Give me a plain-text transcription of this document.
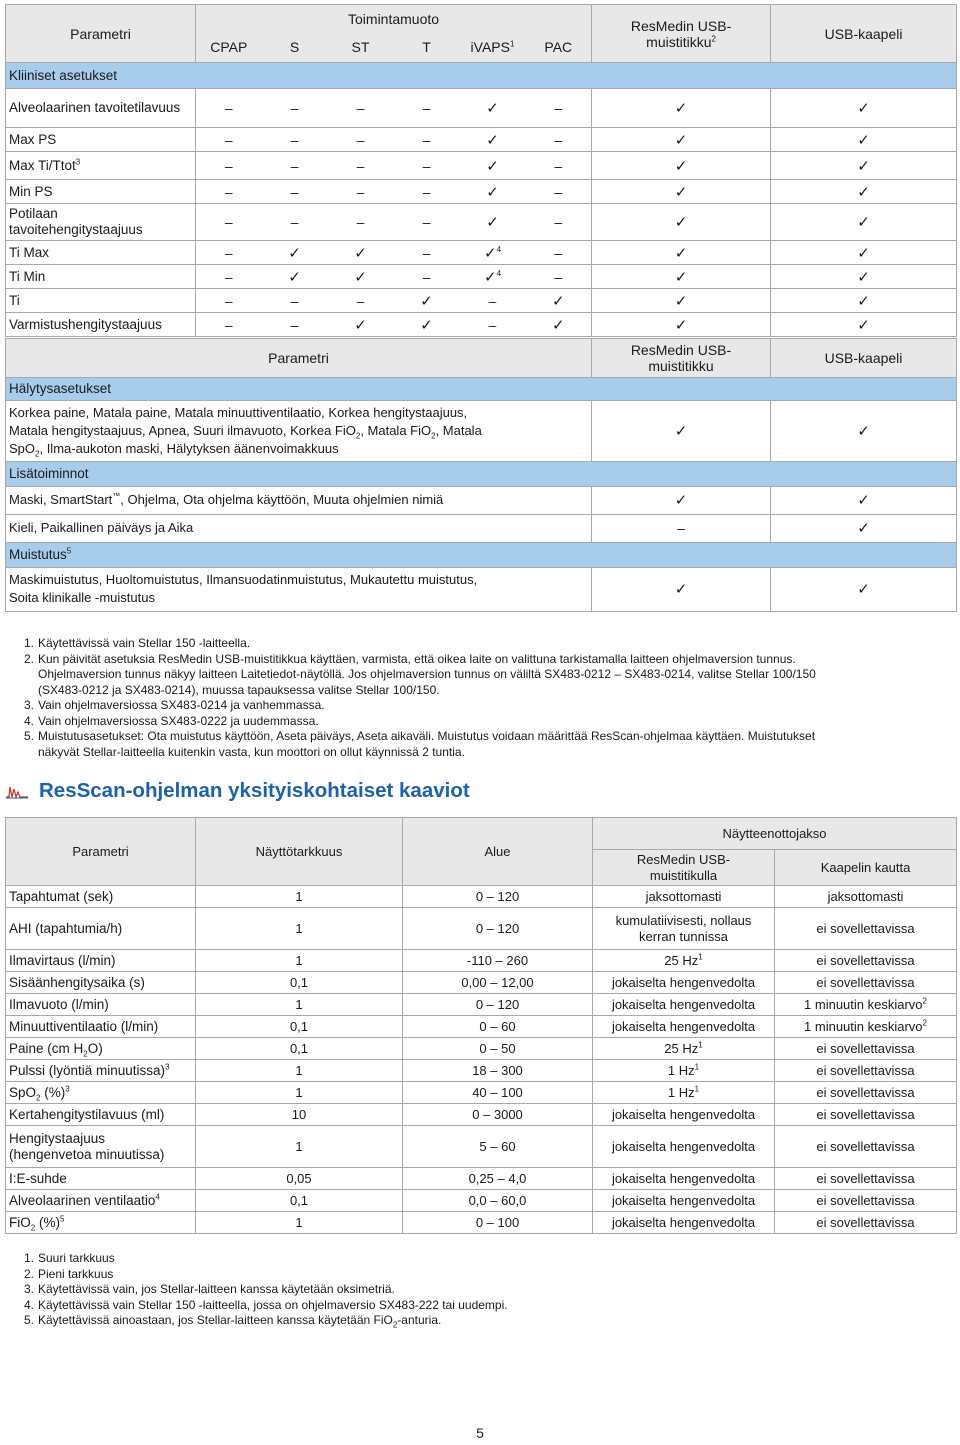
Parametri	Toimintamuoto						ResMedin USB-
muistitikku$^2$	USB-kaapeli
	CPAP	S	ST	T	iVAPS$^1$	PAC		
Kliiniset asetukset								
Alveolaarinen tavoitetilavuus	–	–	–	–	✓	–	✓	✓
Max PS	–	–	–	–	✓	–	✓	✓
Max Ti/Ttot$^3$	–	–	–	–	✓	–	✓	✓
Min PS	–	–	–	–	✓	–	✓	✓
Potilaan tavoitehengitystaajuus	–	–	–	–	✓	–	✓	✓
Ti Max	–	✓	✓	–	✓$^4$	–	✓	✓
Ti Min	–	✓	✓	–	✓$^4$	–	✓	✓
Ti	–	–	–	✓	–	✓	✓	✓
Varmistushengitystaajuus	–	–	✓	✓	–	✓	✓	✓
Parametri	ResMedin USB-
muistitikku	USB-kaapeli

Hälytysasetukset		
Korkea paine, Matala paine, Matala minuuttiventilaatio, Korkea hengitystaajuus,
Matala hengitystaajuus, Apnea, Suuri ilmavuoto, Korkea FiO$_2$, Matala FiO$_2$, Matala
SpO$_2$, Ilma-aukoton maski, Hälytyksen äänenvoimakkuus	✓	✓
Lisätoiminnot		
Maski, SmartStart™, Ohjelma, Ota ohjelma käyttöön, Muuta ohjelmien nimiä	✓	✓
Kieli, Paikallinen päiväys ja Aika	–	✓
Muistutus$^5$
Maskimuistutus, Huoltomuistutus, Ilmansuodatinmuistutus, Mukautettu muistutus,
Soita klinikalle -muistutus	✓	✓
1. Käytettävissä vain Stellar 150 -laitteella.
2. Kun päivität asetuksia ResMedin USB-muistitikkua käyttäen, varmista, että oikea laite on valittuna tarkistamalla laitteen ohjelmaversion tunnus.
Ohjelmaversion tunnus näkyy laitteen Laitetiedot-näytöllä. Jos ohjelmaversion tunnus on väliltä SX483-0212 – SX483-0214, valitse Stellar 100/150
(SX483-0212 ja SX483-0214), muussa tapauksessa valitse Stellar 100/150.
3. Vain ohjelmaversiossa SX483-0214 ja vanhemmassa.
4. Vain ohjelmaversiossa SX483-0222 ja uudemmassa.
5. Muistutusasetukset: Ota muistutus käyttöön, Aseta päiväys, Aseta aikaväli. Muistutus voidaan määrittää ResScan-ohjelmaa käyttäen. Muistutukset
näkyvät Stellar-laitteella kuitenkin vasta, kun moottori on ollut käynnissä 2 tuntia.
ResScan-ohjelman yksityiskohtaiset kaaviot
Parametri	Näyttötarkkuus	Alue	Näytteenottojakso	
			ResMedin USB-
muistitikulla	Kaapelin kautta
Tapahtumat (sek)	1	0 – 120	jaksottomasti	jaksottomasti
AHI (tapahtumia/h)	1	0 – 120	kumulatiivisesti, nollaus
kerran tunnissa	ei sovellettavissa
Ilmavirtaus (l/min)	1	-110 – 260	25 Hz$^1$	ei sovellettavissa
Sisäänhengitysaika (s)	0,1	0,00 – 12,00	jokaiselta hengenvedolta	ei sovellettavissa
Ilmavuoto (l/min)	1	0 – 120	jokaiselta hengenvedolta	1 minuutin keskiarvo$^2$
Minuuttiventilaatio (l/min)	0,1	0 – 60	jokaiselta hengenvedolta	1 minuutin keskiarvo$^2$
Paine (cm $H_2O$)	0,1	0 – 50	25 Hz$^1$	ei sovellettavissa
Pulssi (lyöntiä minuutissa)$^3$	1	18 – 300	1 Hz$^1$	ei sovellettavissa
SpO$_2$ (%)$^3$	1	40 – 100	1 Hz$^1$	ei sovellettavissa
Kertahengitystilavuus (ml)	10	0 – 3000	jokaiselta hengenvedolta	ei sovellettavissa
Hengitystaajuus
(hengenvetoa minuutissa)	1	5 – 60	jokaiselta hengenvedolta	ei sovellettavissa
I:E-suhde	0,05	0,25 – 4,0	jokaiselta hengenvedolta	ei sovellettavissa
Alveolaarinen ventilaatio$^4$	0,1	0,0 – 60,0	jokaiselta hengenvedolta	ei sovellettavissa
FiO$_2$ (%)$^5$	1	0 – 100	jokaiselta hengenvedolta	ei sovellettavissa
1. Suuri tarkkuus
2. Pieni tarkkuus
3. Käytettävissä vain, jos Stellar-laitteen kanssa käytetään oksimetriä.
4. Käytettävissä vain Stellar 150 -laitteella, jossa on ohjelmaversio SX483-222 tai uudempi.
5. Käytettävissä ainoastaan, jos Stellar-laitteen kanssa käytetään FiO$_2$-anturia.
5
